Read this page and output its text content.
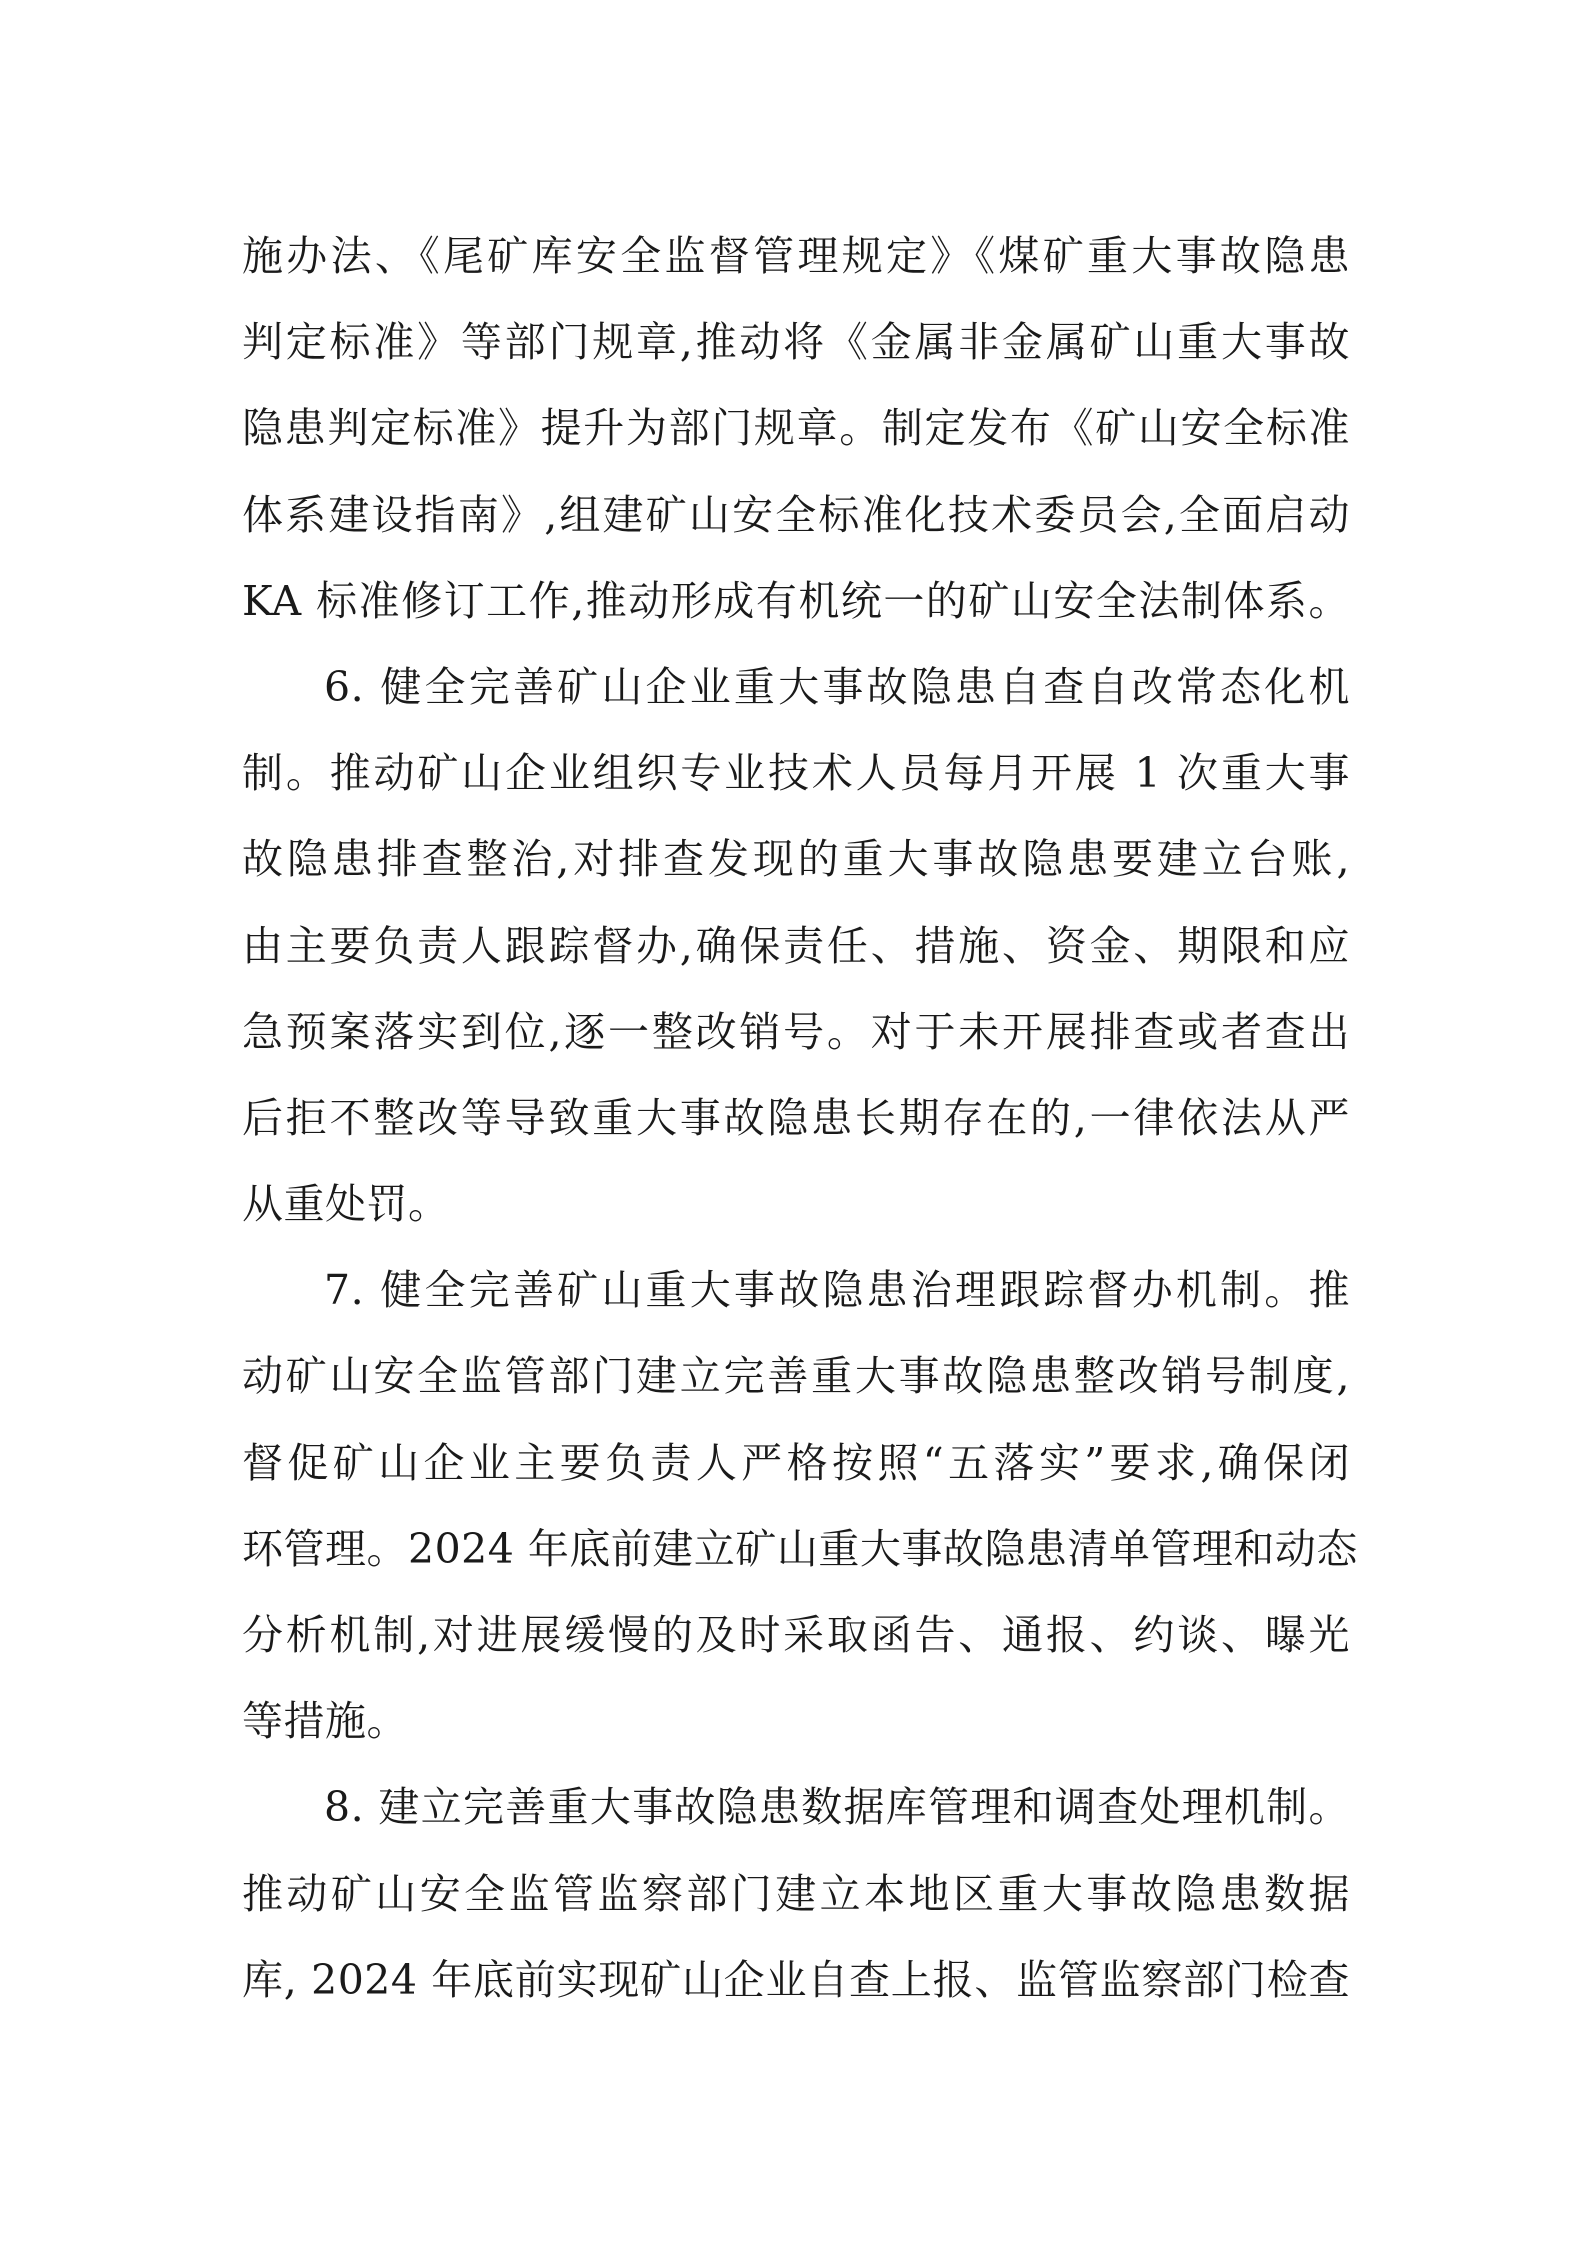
施办法、《尾矿库安全监督管理规定》《煤矿重大事故隐患
判定标准》等部门规章,推动将《金属非金属矿山重大事故
隐患判定标准》提升为部门规章。制定发布《矿山安全标准
体系建设指南》,组建矿山安全标准化技术委员会,全面启动
KA 标准修订工作,推动形成有机统一的矿山安全法制体系。
6. 健全完善矿山企业重大事故隐患自查自改常态化机
制。推动矿山企业组织专业技术人员每月开展 1 次重大事
故隐患排查整治,对排查发现的重大事故隐患要建立台账,
由主要负责人跟踪督办,确保责任、措施、资金、期限和应
急预案落实到位,逐一整改销号。对于未开展排查或者查出
后拒不整改等导致重大事故隐患长期存在的,一律依法从严
从重处罚。
7. 健全完善矿山重大事故隐患治理跟踪督办机制。推
动矿山安全监管部门建立完善重大事故隐患整改销号制度,
督促矿山企业主要负责人严格按照“五落实”要求,确保闭
环管理。2024 年底前建立矿山重大事故隐患清单管理和动态
分析机制,对进展缓慢的及时采取函告、通报、约谈、曝光
等措施。
8. 建立完善重大事故隐患数据库管理和调查处理机制。
推动矿山安全监管监察部门建立本地区重大事故隐患数据
库, 2024 年底前实现矿山企业自查上报、监管监察部门检查
